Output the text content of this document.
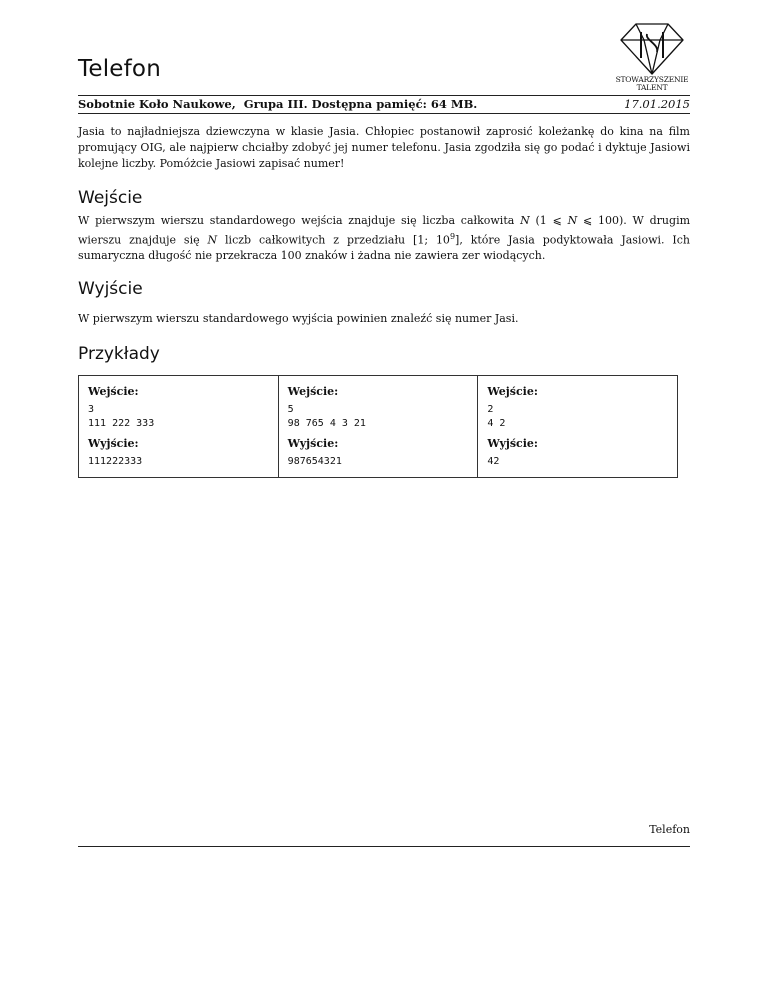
Telefon	STOWARZYSZENIE
TALENT
Sobotnie Koło Naukowe,  Grupa III. Dostępna pamięć: 64 MB.	17.01.2015

Jasia to najładniejsza dziewczyna w klasie Jasia. Chłopiec postanowił zaprosić koleżankę do kina na film promujący OIG, ale najpierw chciałby zdobyć jej numer telefonu. Jasia zgodziła się go podać i dyktuje Jasiowi kolejne liczby. Pomóżcie Jasiowi zapisać numer!

Wejście

W pierwszym wierszu standardowego wejścia znajduje się liczba całkowita N (1 ⩽ N ⩽ 100). W drugim wierszu znajduje się N liczb całkowitych z przedziału [1; $10^9$], które Jasia podyktowała Jasiowi. Ich sumaryczna długość nie przekracza 100 znaków i żadna nie zawiera zer wiodących.

Wyjście

W pierwszym wierszu standardowego wyjścia powinien znaleźć się numer Jasi.

Przykłady
Wejście:
3
111 222 333
Wyjście:
111222333
Wejście:
5
98 765 4 3 21
Wyjście:
987654321
Wejście:
2
4 2
Wyjście:
42
Telefon
